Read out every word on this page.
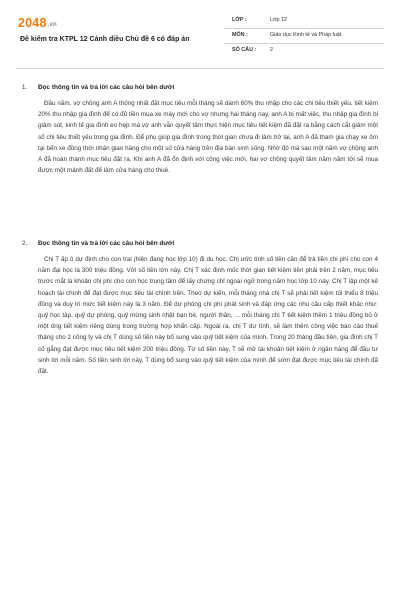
2048.vn
Đề kiểm tra KTPL 12 Cánh diều Chủ đề 6 có đáp án
LỚP :	Lớp 12
MÔN :	Giáo dục Kinh tế và Pháp luật
SỐ CÂU :	2
1. Đọc thông tin và trả lời các câu hỏi bên dưới
Đầu năm, vợ chồng anh A thống nhất đặt mục tiêu mỗi tháng sẽ dành 60% thu nhập cho các chi tiêu thiết yếu, tiết kiệm 20% thu nhập gia đình để có đủ tiền mua xe máy mới cho vợ nhưng hai tháng nay, anh A bị mất việc, thu nhập gia đình bị giảm sút, kinh tế gia đình eo hẹp mà vợ anh vẫn quyết tâm thực hiện mục tiêu tiết kiệm đã đặt ra bằng cách cắt giảm một số chi tiêu thiết yếu trong gia đình. Để phụ giúp gia đình trong thời gian chưa đi làm trở lại, anh A đã tham gia chạy xe ôm tại bến xe đồng thời nhận giao hàng cho một số cửa hàng trên địa bàn sinh sống. Nhờ đó mà sau một năm vợ chồng anh A đã hoàn thành mục tiêu đặt ra. Khi anh A đã ổn định với công việc mới, hai vợ chồng quyết tâm năm năm tới sẽ mua được một mảnh đất để làm cửa hàng cho thuê.
2. Đọc thông tin và trả lời các câu hỏi bên dưới
Chị T ấp ủ dự định cho con trai (hiện đang học lớp 10) đi du học. Chị ước tính số tiền cần để trả tiền chi phí cho con 4 năm đại học là 300 triệu đồng. Với số tiền lớn này, Chị T xác định mốc thời gian tiết kiệm tiền phải trên 2 năm, mục tiêu trước mắt là khoản chi phí cho con học trung tâm để lấy chứng chỉ ngoại ngữ trong năm học lớp 10 này. Chị T lập một kế hoạch tài chính để đạt được mục tiêu tài chính trên. Theo dự kiến, mỗi tháng nhà chị T sẽ phải tiết kiệm tối thiểu 8 triệu đồng và duy trì mức tiết kiệm này là 3 năm. Để dự phòng chi phí phát sinh và đáp ứng các nhu cầu cấp thiết khác như: quỹ học tập, quỹ dự phòng, quỹ mừng sinh nhật bạn bè, người thân, ... mỗi tháng chị T tiết kiệm thêm 1 triệu đồng bỏ ở một ống tiết kiệm riêng dùng trong trường hợp khẩn cấp. Ngoài ra, chị T dự tính, sẽ làm thêm công việc báo cáo thuế tháng cho 2 công ty và chị T dùng số tiền này bổ sung vào quỹ tiết kiệm của mình. Trong 20 tháng đầu tiên, gia đình chị T cố gắng đạt được mục tiêu tiết kiệm 200 triệu đồng. Từ số tiền này, T sẽ mở tài khoản tiết kiệm ở ngân hàng để đầu tư sinh lời mỗi năm. Số tiền sinh lời này, T dùng bổ sung vào quỹ tiết kiệm của mình để sớm đạt được mục tiêu tài chính đã đặt.
